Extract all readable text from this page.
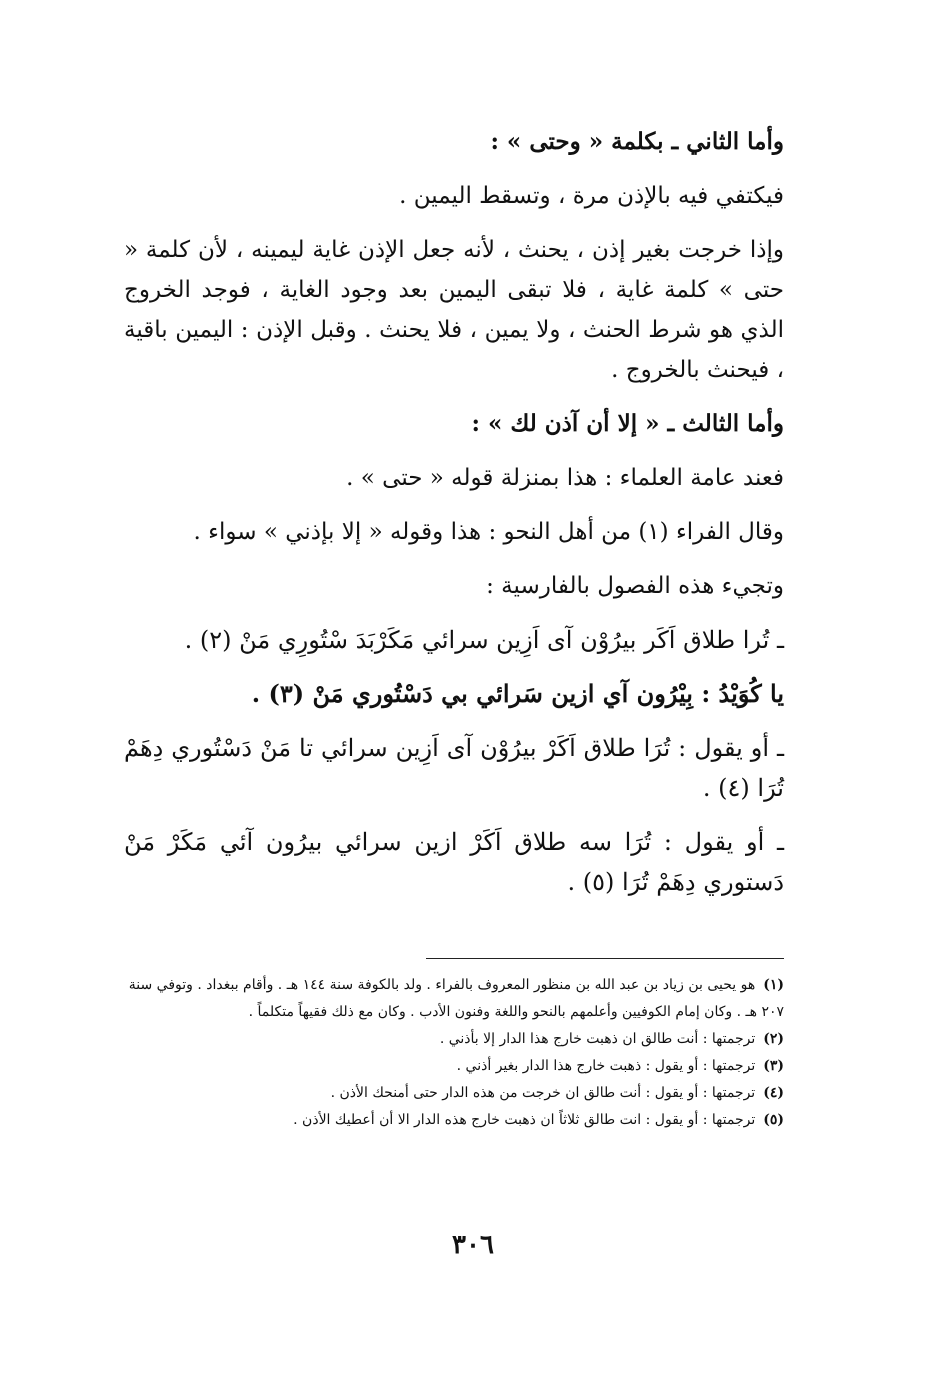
وأما الثاني ـ بكلمة « وحتى » :

فيكتفي فيه بالإذن مرة ، وتسقط اليمين .

وإذا خرجت بغير إذن ، يحنث ، لأنه جعل الإذن غاية ليمينه ، لأن كلمة « حتى » كلمة غاية ، فلا تبقى اليمين بعد وجود الغاية ، فوجد الخروج الذي هو شرط الحنث ، ولا يمين ، فلا يحنث . وقبل الإذن : اليمين باقية ، فيحنث بالخروج .

وأما الثالث ـ « إلا أن آذن لك » :

فعند عامة العلماء : هذا بمنزلة قوله « حتى » .

وقال الفراء (١) من أهل النحو : هذا وقوله « إلا بإذني » سواء .

وتجيء هذه الفصول بالفارسية :

ـ تُرا طلاق اَكَر بيرُوْن آى اَزِين سرائي مَكَرْبَدَ سْتُورِي مَنْ (٢) .

يا كُوَيْدُ : بِيْرُون آي ازين سَرائي بي دَسْتُوري مَنْ (٣) .

ـ أو يقول : تُرَا طلاق اَكَرْ بيرُوْن آى اَزِين سرائي تا مَنْ دَسْتُوري دِهَمْ تُرَا (٤) .

ـ أو يقول : تُرَا سه طلاق اَكَرْ ازين سرائي بيرُون آئي مَكَرْ مَنْ دَستوري دِهَمْ تُرَا (٥) .

(١)هو يحيى بن زياد بن عبد الله بن منظور المعروف بالفراء . ولد بالكوفة سنة ١٤٤ هـ . وأقام ببغداد . وتوفي سنة ٢٠٧ هـ . وكان إمام الكوفيين وأعلمهم بالنحو واللغة وفنون الأدب . وكان مع ذلك فقيهاً متكلماً .
(٢)ترجمتها : أنت طالق ان ذهبت خارج هذا الدار إلا بأذني .
(٣)ترجمتها : أو يقول : ذهبت خارج هذا الدار بغير أذني .
(٤)ترجمتها : أو يقول : أنت طالق ان خرجت من هذه الدار حتى أمنحك الأذن .
(٥)ترجمتها : أو يقول : انت طالق ثلاثاً ان ذهبت خارج هذه الدار الا أن أعطيك الأذن .
٣٠٦
